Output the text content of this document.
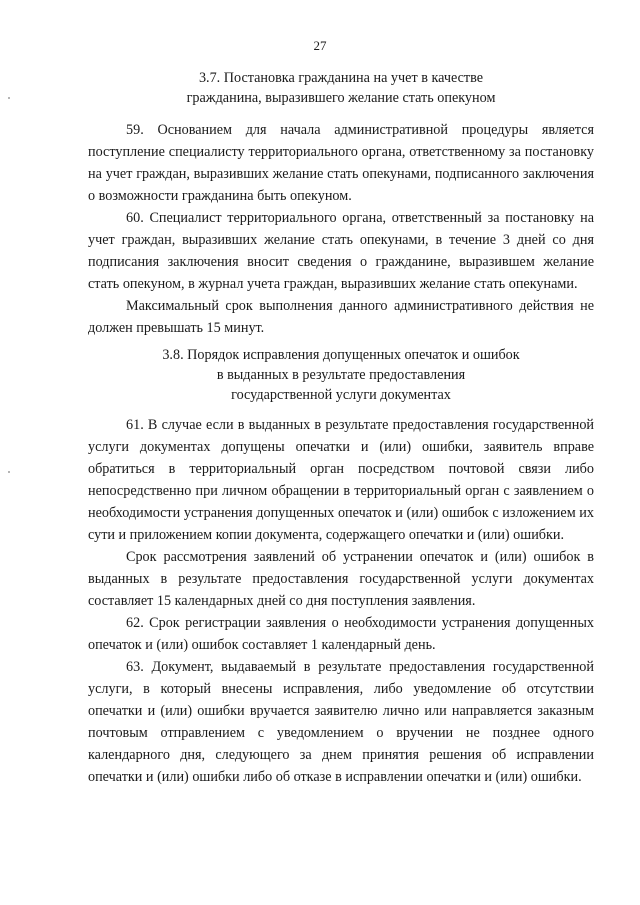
27
3.7. Постановка гражданина на учет в качестве
гражданина, выразившего желание стать опекуном

59. Основанием для начала административной процедуры является поступление специалисту территориального органа, ответственному за постановку на учет граждан, выразивших желание стать опекунами, подписанного заключения о возможности гражданина быть опекуном.

60. Специалист территориального органа, ответственный за постановку на учет граждан, выразивших желание стать опекунами, в течение 3 дней со дня подписания заключения вносит сведения о гражданине, выразившем желание стать опекуном, в журнал учета граждан, выразивших желание стать опекунами.

Максимальный срок выполнения данного административного действия не должен превышать 15 минут.

3.8. Порядок исправления допущенных опечаток и ошибок
в выданных в результате предоставления
государственной услуги документах

61. В случае если в выданных в результате предоставления государственной услуги документах допущены опечатки и (или) ошибки, заявитель вправе обратиться в территориальный орган посредством почтовой связи либо непосредственно при личном обращении в территориальный орган с заявлением о необходимости устранения допущенных опечаток и (или) ошибок с изложением их сути и приложением копии документа, содержащего опечатки и (или) ошибки.

Срок рассмотрения заявлений об устранении опечаток и (или) ошибок в выданных в результате предоставления государственной услуги документах составляет 15 календарных дней со дня поступления заявления.

62. Срок регистрации заявления о необходимости устранения допущенных опечаток и (или) ошибок составляет 1 календарный день.

63. Документ, выдаваемый в результате предоставления государственной услуги, в который внесены исправления, либо уведомление об отсутствии опечатки и (или) ошибки вручается заявителю лично или направляется заказным почтовым отправлением с уведомлением о вручении не позднее одного календарного дня, следующего за днем принятия решения об исправлении опечатки и (или) ошибки либо об отказе в исправлении опечатки и (или) ошибки.
